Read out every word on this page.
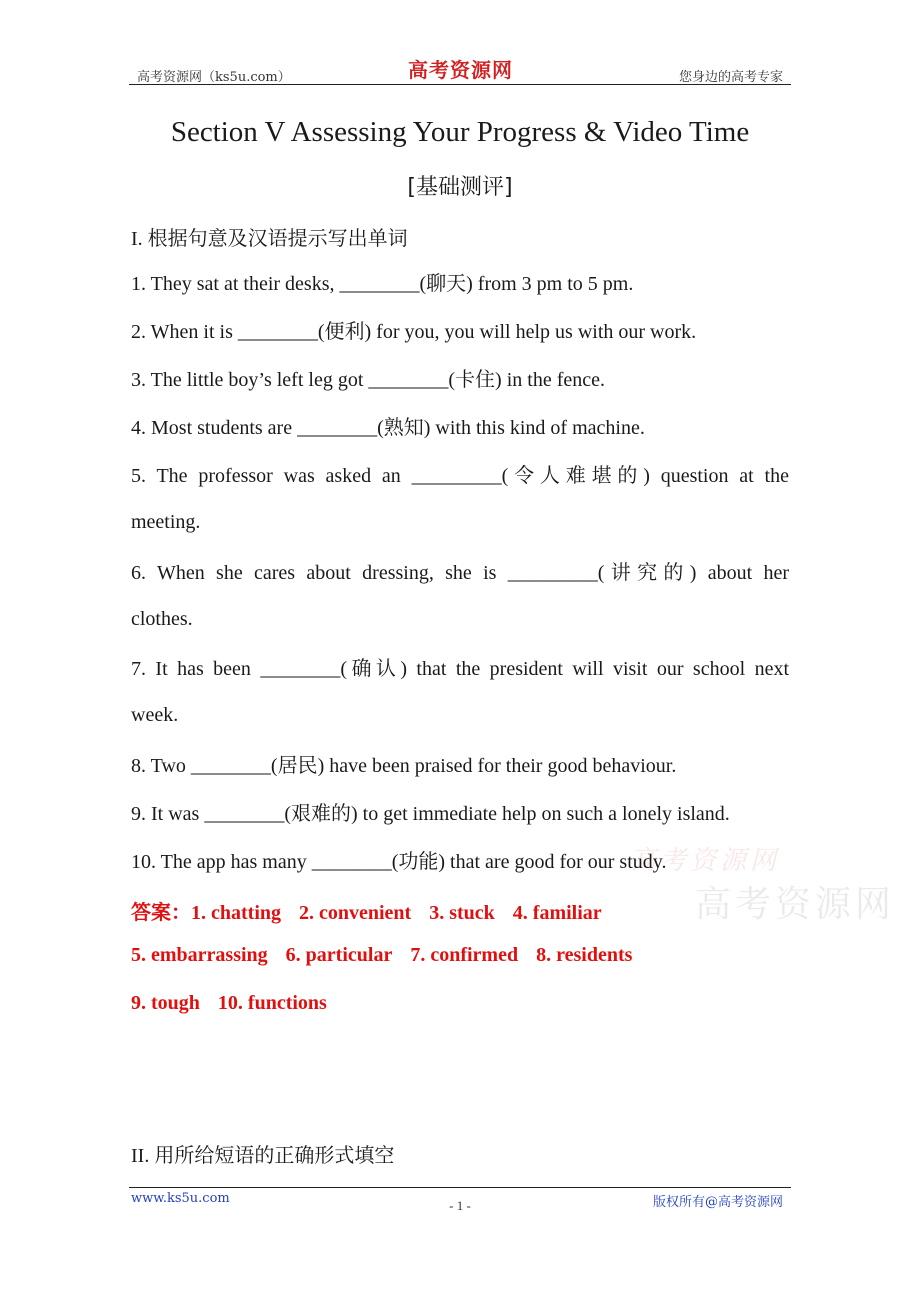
高考资源网（ks5u.com）	高考资源网	您身边的高考专家
Section V Assessing Your Progress & Video Time
[基础测评]
I. 根据句意及汉语提示写出单词
1. They sat at their desks, ________(聊天) from 3 pm to 5 pm.
2. When it is ________(便利) for you, you will help us with our work.
3. The little boy’s left leg got ________(卡住) in the fence.
4. Most students are ________(熟知) with this kind of machine.
5. The professor was asked an _________(令人难堪的) question at the
meeting.
6. When she cares about dressing, she is _________(讲究的) about her
clothes.
7. It has been ________(确认) that the president will visit our school next
week.
8. Two ________(居民) have been praised for their good behaviour.
9. It was ________(艰难的) to get immediate help on such a lonely island.
高考资源网
高考资源网
10. The app has many ________(功能) that are good for our study.
答案：1. chatting 2. convenient 3. stuck 4. familiar
5. embarrassing 6. particular 7. confirmed 8. residents
9. tough 10. functions
II. 用所给短语的正确形式填空
www.ks5u.com	- 1 -	版权所有@高考资源网
